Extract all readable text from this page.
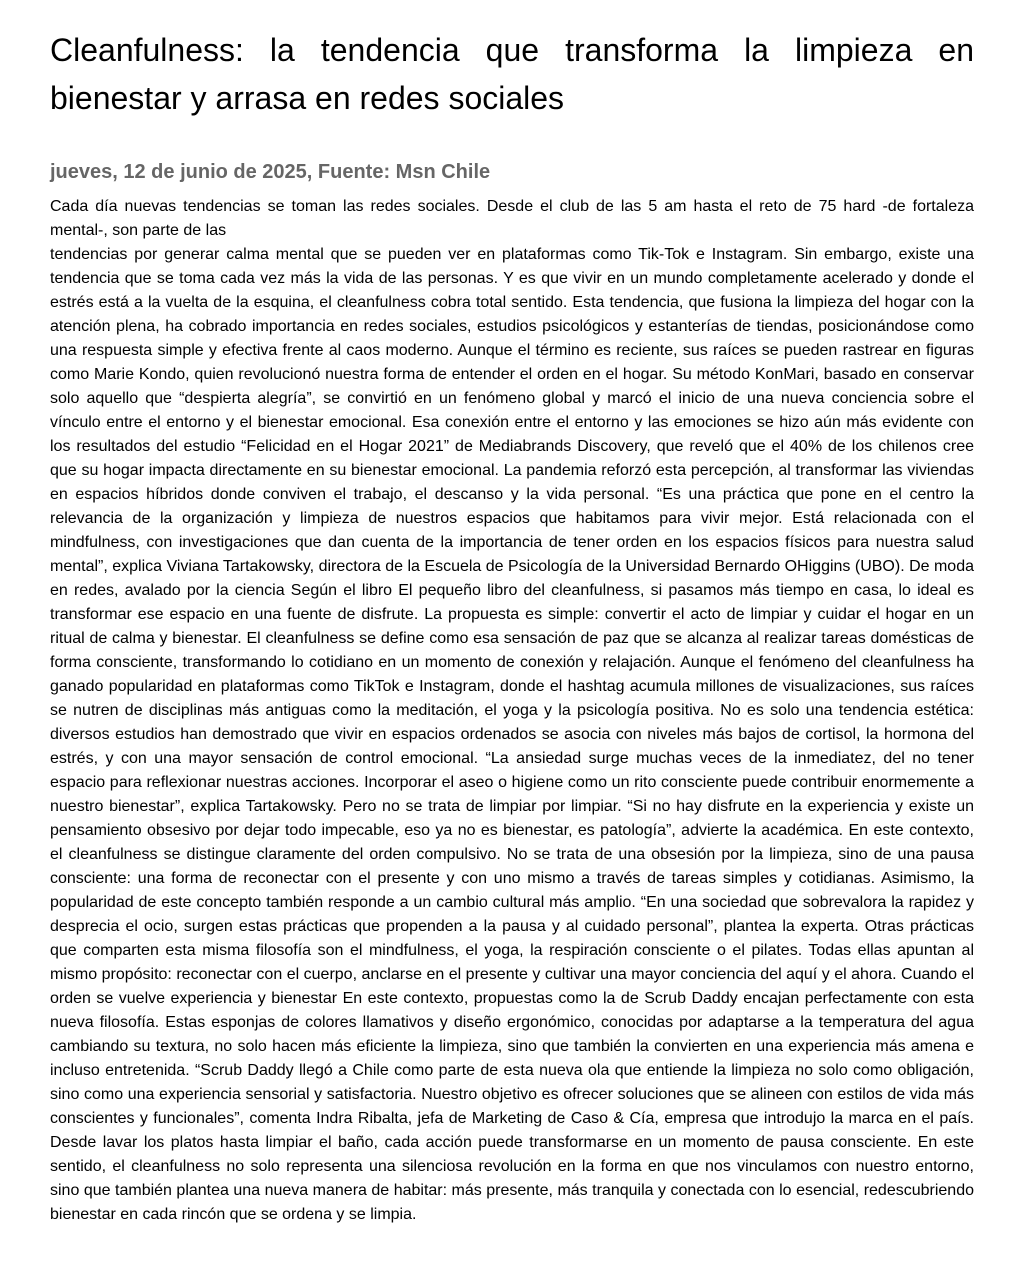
Cleanfulness: la tendencia que transforma la limpieza en bienestar y arrasa en redes sociales
jueves, 12 de junio de 2025, Fuente: Msn Chile

Cada día nuevas tendencias se toman las redes sociales. Desde el club de las 5 am hasta el reto de 75 hard -de fortaleza mental-, son parte de las

tendencias por generar calma mental que se pueden ver en plataformas como Tik-Tok e Instagram. Sin embargo, existe una tendencia que se toma cada vez más la vida de las personas. Y es que vivir en un mundo completamente acelerado y donde el estrés está a la vuelta de la esquina, el cleanfulness cobra total sentido. Esta tendencia, que fusiona la limpieza del hogar con la atención plena, ha cobrado importancia en redes sociales, estudios psicológicos y estanterías de tiendas, posicionándose como una respuesta simple y efectiva frente al caos moderno. Aunque el término es reciente, sus raíces se pueden rastrear en figuras como Marie Kondo, quien revolucionó nuestra forma de entender el orden en el hogar. Su método KonMari, basado en conservar solo aquello que “despierta alegría”, se convirtió en un fenómeno global y marcó el inicio de una nueva conciencia sobre el vínculo entre el entorno y el bienestar emocional. Esa conexión entre el entorno y las emociones se hizo aún más evidente con los resultados del estudio “Felicidad en el Hogar 2021” de Mediabrands Discovery, que reveló que el 40% de los chilenos cree que su hogar impacta directamente en su bienestar emocional. La pandemia reforzó esta percepción, al transformar las viviendas en espacios híbridos donde conviven el trabajo, el descanso y la vida personal. “Es una práctica que pone en el centro la relevancia de la organización y limpieza de nuestros espacios que habitamos para vivir mejor. Está relacionada con el mindfulness, con investigaciones que dan cuenta de la importancia de tener orden en los espacios físicos para nuestra salud mental”, explica Viviana Tartakowsky, directora de la Escuela de Psicología de la Universidad Bernardo OHiggins (UBO). De moda en redes, avalado por la ciencia Según el libro El pequeño libro del cleanfulness, si pasamos más tiempo en casa, lo ideal es transformar ese espacio en una fuente de disfrute. La propuesta es simple: convertir el acto de limpiar y cuidar el hogar en un ritual de calma y bienestar. El cleanfulness se define como esa sensación de paz que se alcanza al realizar tareas domésticas de forma consciente, transformando lo cotidiano en un momento de conexión y relajación. Aunque el fenómeno del cleanfulness ha ganado popularidad en plataformas como TikTok e Instagram, donde el hashtag acumula millones de visualizaciones, sus raíces se nutren de disciplinas más antiguas como la meditación, el yoga y la psicología positiva. No es solo una tendencia estética: diversos estudios han demostrado que vivir en espacios ordenados se asocia con niveles más bajos de cortisol, la hormona del estrés, y con una mayor sensación de control emocional. “La ansiedad surge muchas veces de la inmediatez, del no tener espacio para reflexionar nuestras acciones. Incorporar el aseo o higiene como un rito consciente puede contribuir enormemente a nuestro bienestar”, explica Tartakowsky. Pero no se trata de limpiar por limpiar. “Si no hay disfrute en la experiencia y existe un pensamiento obsesivo por dejar todo impecable, eso ya no es bienestar, es patología”, advierte la académica. En este contexto, el cleanfulness se distingue claramente del orden compulsivo. No se trata de una obsesión por la limpieza, sino de una pausa consciente: una forma de reconectar con el presente y con uno mismo a través de tareas simples y cotidianas. Asimismo, la popularidad de este concepto también responde a un cambio cultural más amplio. “En una sociedad que sobrevalora la rapidez y desprecia el ocio, surgen estas prácticas que propenden a la pausa y al cuidado personal”, plantea la experta. Otras prácticas que comparten esta misma filosofía son el mindfulness, el yoga, la respiración consciente o el pilates. Todas ellas apuntan al mismo propósito: reconectar con el cuerpo, anclarse en el presente y cultivar una mayor conciencia del aquí y el ahora. Cuando el orden se vuelve experiencia y bienestar En este contexto, propuestas como la de Scrub Daddy encajan perfectamente con esta nueva filosofía. Estas esponjas de colores llamativos y diseño ergonómico, conocidas por adaptarse a la temperatura del agua cambiando su textura, no solo hacen más eficiente la limpieza, sino que también la convierten en una experiencia más amena e incluso entretenida. “Scrub Daddy llegó a Chile como parte de esta nueva ola que entiende la limpieza no solo como obligación, sino como una experiencia sensorial y satisfactoria. Nuestro objetivo es ofrecer soluciones que se alineen con estilos de vida más conscientes y funcionales”, comenta Indra Ribalta, jefa de Marketing de Caso & Cía, empresa que introdujo la marca en el país. Desde lavar los platos hasta limpiar el baño, cada acción puede transformarse en un momento de pausa consciente. En este sentido, el cleanfulness no solo representa una silenciosa revolución en la forma en que nos vinculamos con nuestro entorno, sino que también plantea una nueva manera de habitar: más presente, más tranquila y conectada con lo esencial, redescubriendo bienestar en cada rincón que se ordena y se limpia.
